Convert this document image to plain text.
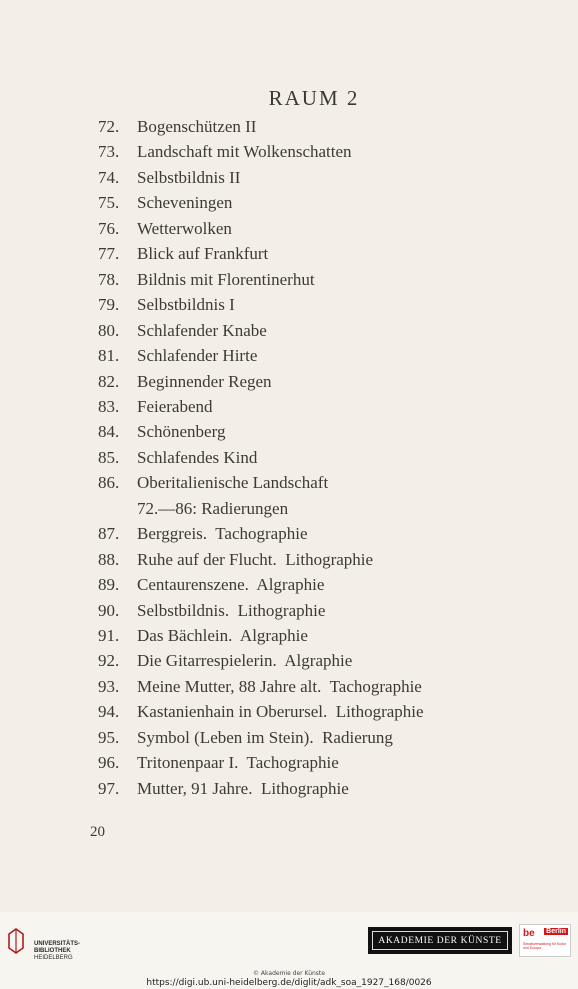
RAUM 2
72. Bogenschützen II
73. Landschaft mit Wolkenschatten
74. Selbstbildnis II
75. Scheveningen
76. Wetterwolken
77. Blick auf Frankfurt
78. Bildnis mit Florentinerhut
79. Selbstbildnis I
80. Schlafender Knabe
81. Schlafender Hirte
82. Beginnender Regen
83. Feierabend
84. Schönenberg
85. Schlafendes Kind
86. Oberitalienische Landschaft
72.—86: Radierungen
87. Berggreis.  Tachographie
88. Ruhe auf der Flucht.  Lithographie
89. Centaurenszene.  Algraphie
90. Selbstbildnis.  Lithographie
91. Das Bächlein.  Algraphie
92. Die Gitarrespielerin.  Algraphie
93. Meine Mutter, 88 Jahre alt.  Tachographie
94. Kastanienhain in Oberursel.  Lithographie
95. Symbol (Leben im Stein).  Radierung
96. Tritonenpaar I.  Tachographie
97. Mutter, 91 Jahre.  Lithographie
20
UNIVERSITÄTS-
BIBLIOTHEK
HEIDELBERG
AKADEMIE DER KÜNSTE
be Berlin
Senatsverwaltung für Kultur und Europa
© Akademie der Künste
https://digi.ub.uni-heidelberg.de/diglit/adk_soa_1927_168/0026
